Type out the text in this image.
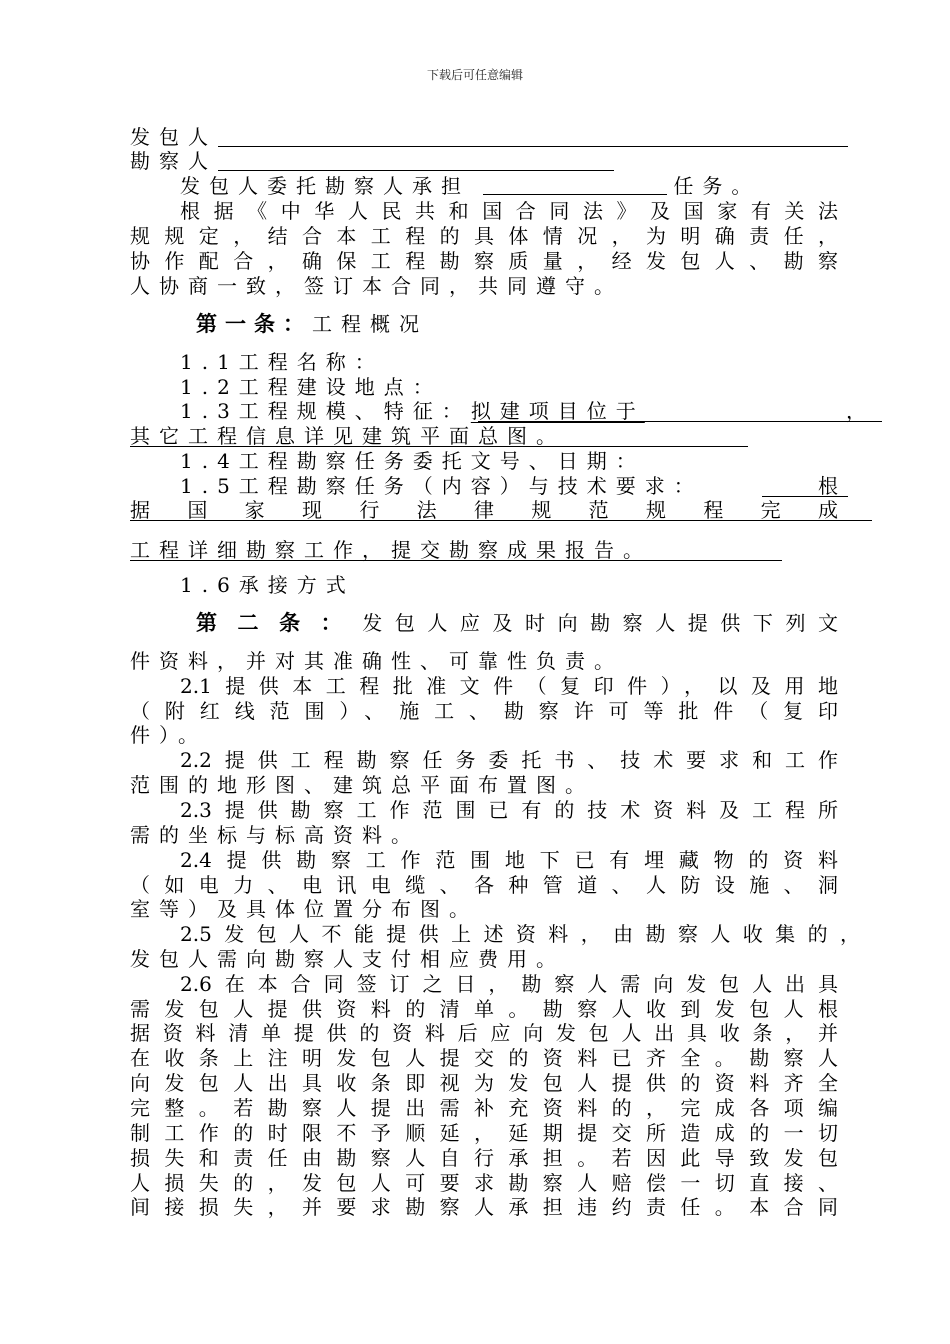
下载后可任意编辑
发包人
勘察人
发包人委托勘察人承担	任务。
根据《中华人民共和国合同法》及国家有关法
规规定，结合本工程的具体情况，为明确责任，
协作配合，确保工程勘察质量，经发包人、勘察
人协商一致，签订本合同，共同遵守。
第一条：工程概况
1.1工程名称：
1.2工程建设地点：
1.3工程规模、特征：拟建项目位于	，
其它工程信息详见建筑平面总图。
1.4工程勘察任务委托文号、日期：
1.5工程勘察任务（内容）与技术要求：	根
据国家现行法律规范规程完成
工程详细勘察工作，提交勘察成果报告。
1.6承接方式
第二条：发包人应及时向勘察人提供下列文
件资料，并对其准确性、可靠性负责。
2.1提供本工程批准文件（复印件），以及用地
（附红线范围）、施工、勘察许可等批件（复印
件）。
2.2提供工程勘察任务委托书、技术要求和工作
范围的地形图、建筑总平面布置图。
2.3提供勘察工作范围已有的技术资料及工程所
需的坐标与标高资料。
2.4提供勘察工作范围地下已有埋藏物的资料
（如电力、电讯电缆、各种管道、人防设施、洞
室等）及具体位置分布图。
2.5发包人不能提供上述资料，由勘察人收集的，
发包人需向勘察人支付相应费用。
2.6在本合同签订之日，勘察人需向发包人出具
需发包人提供资料的清单。勘察人收到发包人根
据资料清单提供的资料后应向发包人出具收条，并
在收条上注明发包人提交的资料已齐全。勘察人
向发包人出具收条即视为发包人提供的资料齐全
完整。若勘察人提出需补充资料的，完成各项编
制工作的时限不予顺延，延期提交所造成的一切
损失和责任由勘察人自行承担。若因此导致发包
人损失的，发包人可要求勘察人赔偿一切直接、
间接损失，并要求勘察人承担违约责任。本合同
